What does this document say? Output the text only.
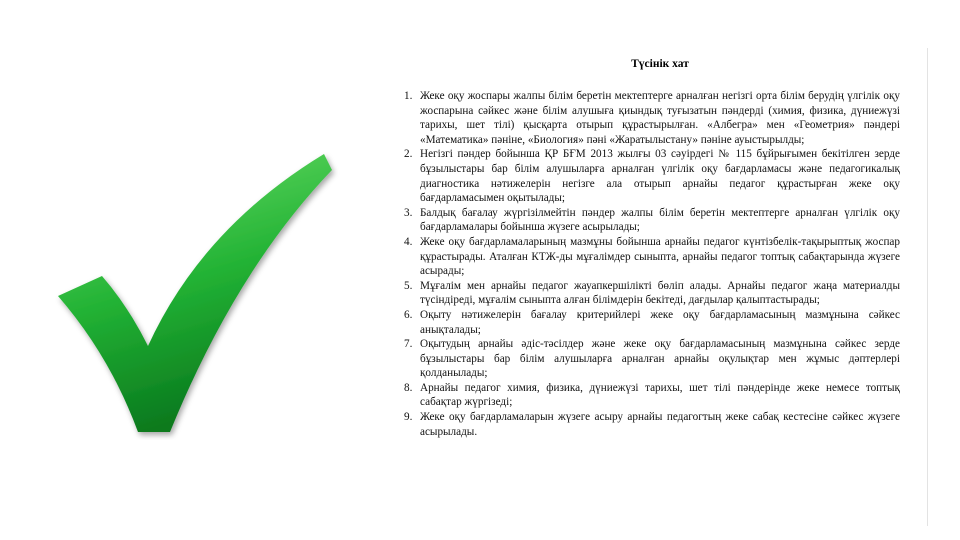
Түсінік хат
1. Жеке оқу жоспары жалпы білім беретін мектептерге арналған негізгі орта білім берудің үлгілік оқу жоспарына сәйкес және білім алушыға қиындық туғызатын пәндерді (химия, физика, дүниежүзі тарихы, шет тілі) қысқарта отырып құрастырылған. «Албегра» мен «Геометрия» пәндері «Математика» пәніне, «Биология» пәні «Жаратылыстану» пәніне ауыстырылды;
2. Негізгі пәндер бойынша ҚР БҒМ 2013 жылғы 03 сәуірдегі № 115 бұйрығымен бекітілген зерде бұзылыстары бар білім алушыларға арналған үлгілік оқу бағдарламасы және педагогикалық диагностика нәтижелерін негізге ала отырып арнайы педагог құрастырған жеке оқу бағдарламасымен оқытылады;
3. Балдық бағалау жүргізілмейтін пәндер жалпы білім беретін мектептерге арналған үлгілік оқу бағдарламалары бойынша жүзеге асырылады;
4. Жеке оқу бағдарламаларының мазмұны бойынша арнайы педагог күнтізбелік-тақырыптық жоспар құрастырады. Аталған КТЖ-ды мұғалімдер сыныпта, арнайы педагог топтық сабақтарында жүзеге асырады;
5. Мұғалім мен арнайы педагог жауапкершілікті бөліп алады. Арнайы педагог жаңа материалды түсіндіреді, мұғалім сыныпта алған білімдерін бекітеді, дағдылар қалыптастырады;
6. Оқыту нәтижелерін бағалау критерийлері жеке оқу бағдарламасының мазмұнына сәйкес анықталады;
7. Оқытудың арнайы әдіс-тәсілдер және жеке оқу бағдарламасының мазмұнына сәйкес зерде бұзылыстары бар білім алушыларға арналған арнайы оқулықтар мен жұмыс дәптерлері қолданылады;
8. Арнайы педагог химия, физика, дүниежүзі тарихы, шет тілі пәндерінде жеке немесе топтық сабақтар жүргізеді;
9. Жеке оқу бағдарламаларын жүзеге асыру арнайы педагогтың жеке сабақ кестесіне сәйкес жүзеге асырылады.
